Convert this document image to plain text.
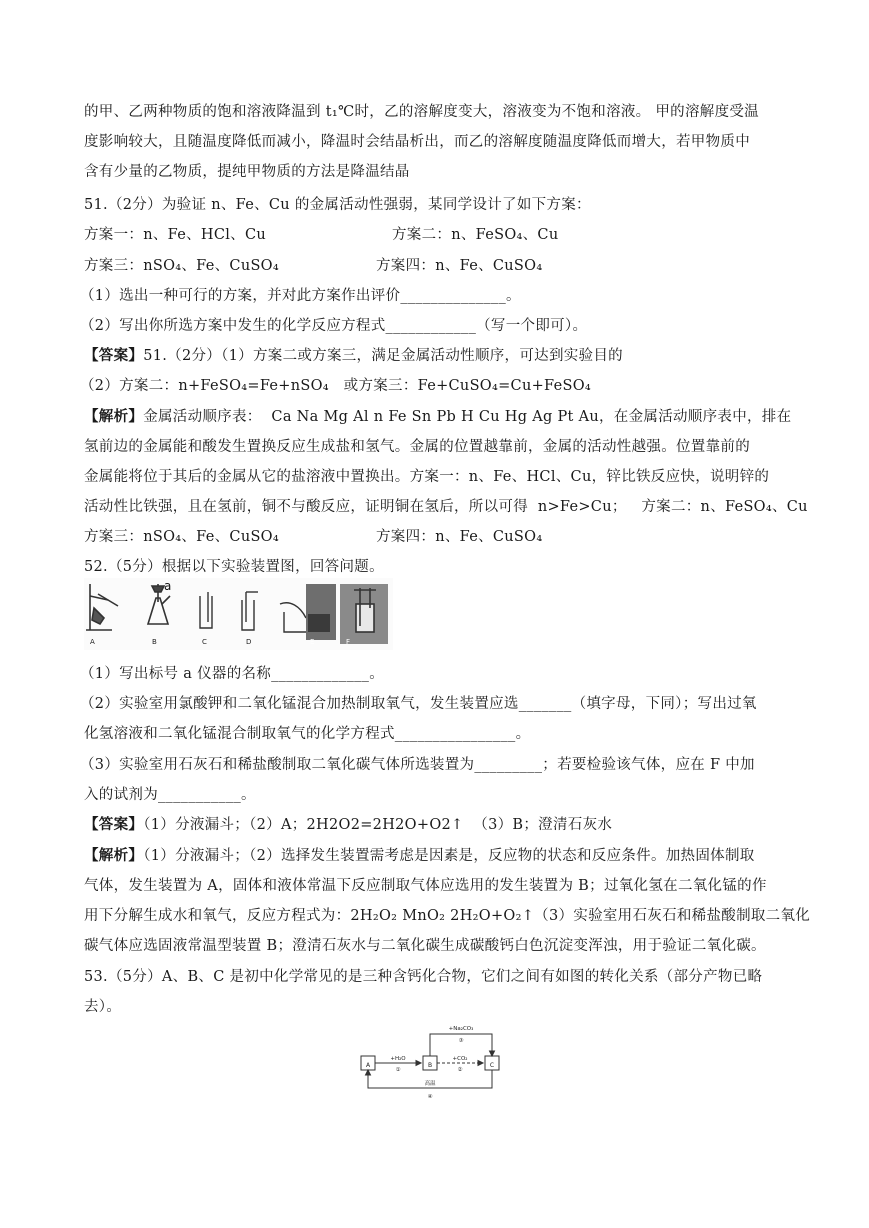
的甲、乙两种物质的饱和溶液降温到 t₁℃时，乙的溶解度变大，溶液变为不饱和溶液。 甲的溶解度受温
度影响较大，且随温度降低而减小，降温时会结晶析出，而乙的溶解度随温度降低而增大，若甲物质中
含有少量的乙物质，提纯甲物质的方法是降温结晶
51.（2分）为验证 n、Fe、Cu 的金属活动性强弱，某同学设计了如下方案：
方案一：n、Fe、HCl、Cu	方案二：n、FeSO₄、Cu
方案三：nSO₄、Fe、CuSO₄	方案四：n、Fe、CuSO₄
（1）选出一种可行的方案，并对此方案作出评价______________。
（2）写出你所选方案中发生的化学反应方程式____________（写一个即可）。
【答案】51.（2分）（1）方案二或方案三，满足金属活动性顺序，可达到实验目的
（2）方案二：n+FeSO₄=Fe+nSO₄   或方案三：Fe+CuSO₄=Cu+FeSO₄
【解析】金属活动顺序表：  Ca Na Mg Al n Fe Sn Pb H Cu Hg Ag Pt Au，在金属活动顺序表中，排在
氢前边的金属能和酸发生置换反应生成盐和氢气。金属的位置越靠前，金属的活动性越强。位置靠前的
金属能将位于其后的金属从它的盐溶液中置换出。方案一：n、Fe、HCl、Cu，锌比铁反应快，说明锌的
活动性比铁强，且在氢前，铜不与酸反应，证明铜在氢后，所以可得  n>Fe>Cu；   方案二：n、FeSO₄、Cu
方案三：nSO₄、Fe、CuSO₄	方案四：n、Fe、CuSO₄
52.（5分）根据以下实验装置图，回答问题。
a
A	B	C	D	E	F
（1）写出标号 a 仪器的名称_____________。
（2）实验室用氯酸钾和二氧化锰混合加热制取氧气，发生装置应选_______（填字母，下同）；写出过氧
化氢溶液和二氧化锰混合制取氧气的化学方程式________________。
（3）实验室用石灰石和稀盐酸制取二氧化碳气体所选装置为_________；若要检验该气体，应在 F 中加
入的试剂为___________。
【答案】（1）分液漏斗；（2）A；2H2O2=2H2O+O2↑  （3）B；澄清石灰水
【解析】（1）分液漏斗；（2）选择发生装置需考虑是因素是，反应物的状态和反应条件。加热固体制取
气体，发生装置为 A，固体和液体常温下反应制取气体应选用的发生装置为 B；过氧化氢在二氧化锰的作
用下分解生成水和氧气，反应方程式为：2H₂O₂ MnO₂ 2H₂O+O₂↑（3）实验室用石灰石和稀盐酸制取二氧化
碳气体应选固液常温型装置 B；澄清石灰水与二氧化碳生成碳酸钙白色沉淀变浑浊，用于验证二氧化碳。
53.（5分）A、B、C 是初中化学常见的是三种含钙化合物，它们之间有如图的转化关系（部分产物已略
去）。
A	B	C
+H₂O
①
+CO₂
②
+Na₂CO₃
③
高温
④
